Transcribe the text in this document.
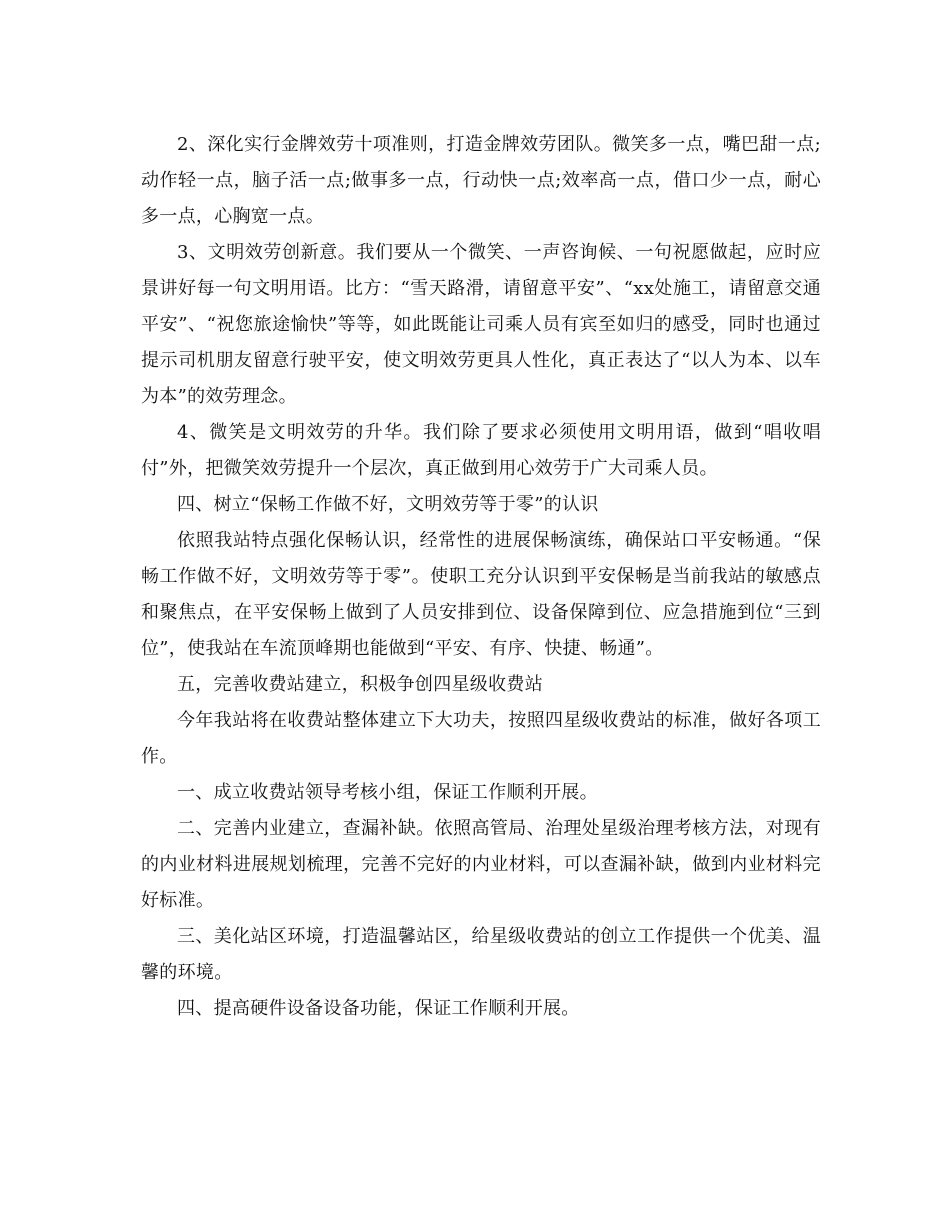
2、深化实行金牌效劳十项准则，打造金牌效劳团队。微笑多一点，嘴巴甜一点;动作轻一点，脑子活一点;做事多一点，行动快一点;效率高一点，借口少一点，耐心多一点，心胸宽一点。

3、文明效劳创新意。我们要从一个微笑、一声咨询候、一句祝愿做起，应时应景讲好每一句文明用语。比方：“雪天路滑，请留意平安”、“xx处施工，请留意交通平安”、“祝您旅途愉快”等等，如此既能让司乘人员有宾至如归的感受，同时也通过提示司机朋友留意行驶平安，使文明效劳更具人性化，真正表达了“以人为本、以车为本”的效劳理念。

4、微笑是文明效劳的升华。我们除了要求必须使用文明用语，做到“唱收唱付”外，把微笑效劳提升一个层次，真正做到用心效劳于广大司乘人员。

四、树立“保畅工作做不好，文明效劳等于零”的认识

依照我站特点强化保畅认识，经常性的进展保畅演练，确保站口平安畅通。“保畅工作做不好，文明效劳等于零”。使职工充分认识到平安保畅是当前我站的敏感点和聚焦点，在平安保畅上做到了人员安排到位、设备保障到位、应急措施到位“三到位”，使我站在车流顶峰期也能做到“平安、有序、快捷、畅通”。

五，完善收费站建立，积极争创四星级收费站

今年我站将在收费站整体建立下大功夫，按照四星级收费站的标准，做好各项工作。

一、成立收费站领导考核小组，保证工作顺利开展。

二、完善内业建立，查漏补缺。依照高管局、治理处星级治理考核方法，对现有的内业材料进展规划梳理，完善不完好的内业材料，可以查漏补缺，做到内业材料完好标准。

三、美化站区环境，打造温馨站区，给星级收费站的创立工作提供一个优美、温馨的环境。

四、提高硬件设备设备功能，保证工作顺利开展。
